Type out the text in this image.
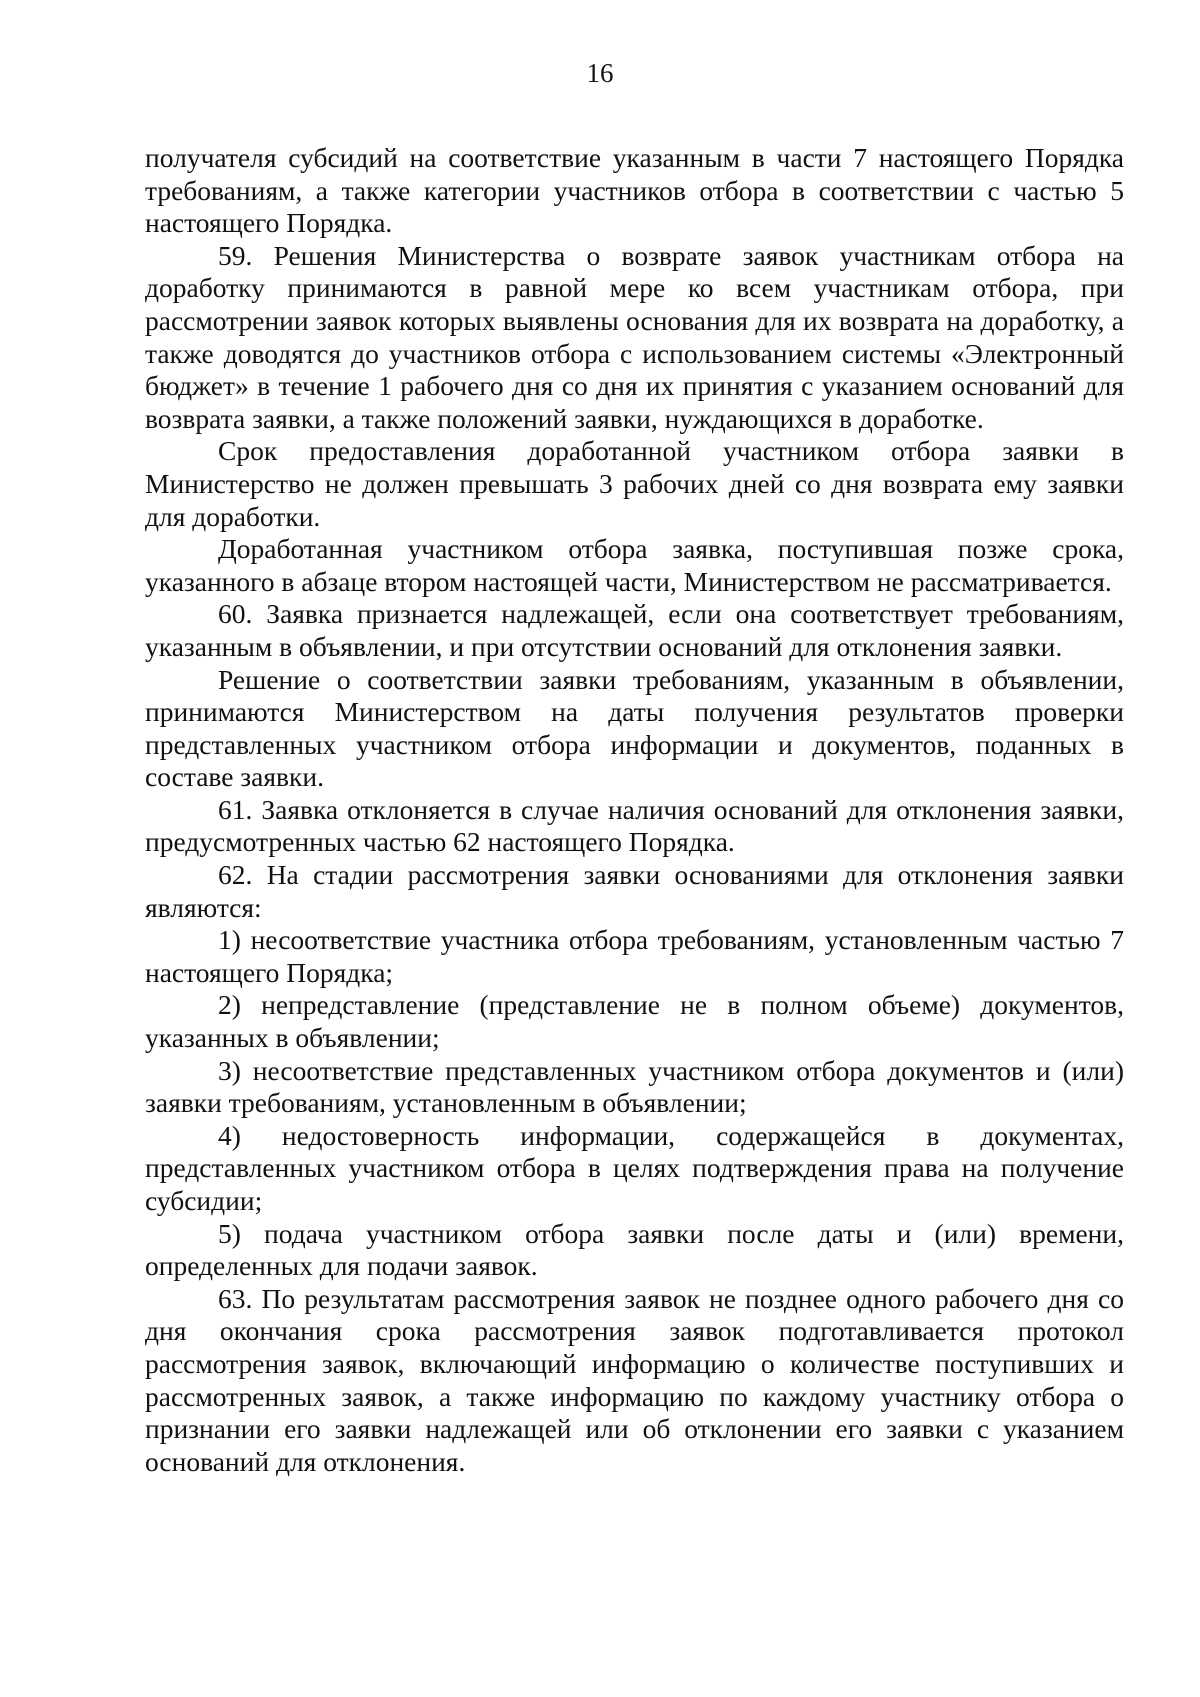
16

получателя субсидий на соответствие указанным в части 7 настоящего Порядка требованиям, а также категории участников отбора в соответствии с частью 5 настоящего Порядка.

59. Решения Министерства о возврате заявок участникам отбора на доработку принимаются в равной мере ко всем участникам отбора, при рассмотрении заявок которых выявлены основания для их возврата на доработку, а также доводятся до участников отбора с использованием системы «Электронный бюджет» в течение 1 рабочего дня со дня их принятия с указанием оснований для возврата заявки, а также положений заявки, нуждающихся в доработке.

Срок предоставления доработанной участником отбора заявки в Министерство не должен превышать 3 рабочих дней со дня возврата ему заявки для доработки.

Доработанная участником отбора заявка, поступившая позже срока, указанного в абзаце втором настоящей части, Министерством не рассматривается.

60. Заявка признается надлежащей, если она соответствует требованиям, указанным в объявлении, и при отсутствии оснований для отклонения заявки.

Решение о соответствии заявки требованиям, указанным в объявлении, принимаются Министерством на даты получения результатов проверки представленных участником отбора информации и документов, поданных в составе заявки.

61. Заявка отклоняется в случае наличия оснований для отклонения заявки, предусмотренных частью 62 настоящего Порядка.

62. На стадии рассмотрения заявки основаниями для отклонения заявки являются:

1) несоответствие участника отбора требованиям, установленным частью 7 настоящего Порядка;

2) непредставление (представление не в полном объеме) документов, указанных в объявлении;

3) несоответствие представленных участником отбора документов и (или) заявки требованиям, установленным в объявлении;

4) недостоверность информации, содержащейся в документах, представленных участником отбора в целях подтверждения права на получение субсидии;

5) подача участником отбора заявки после даты и (или) времени, определенных для подачи заявок.

63. По результатам рассмотрения заявок не позднее одного рабочего дня со дня окончания срока рассмотрения заявок подготавливается протокол рассмотрения заявок, включающий информацию о количестве поступивших и рассмотренных заявок, а также информацию по каждому участнику отбора о признании его заявки надлежащей или об отклонении его заявки с указанием оснований для отклонения.
